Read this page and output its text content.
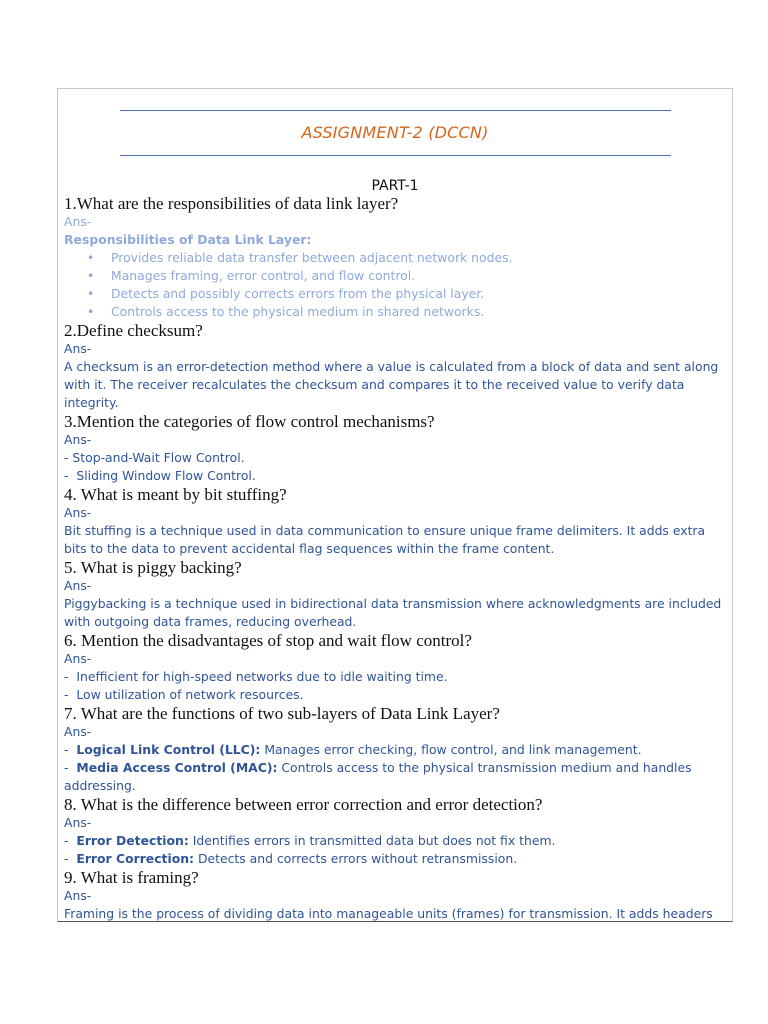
ASSIGNMENT-2 (DCCN)
PART-1

1.What are the responsibilities of data link layer?

Ans-

Responsibilities of Data Link Layer:

• Provides reliable data transfer between adjacent network nodes.
• Manages framing, error control, and flow control.
• Detects and possibly corrects errors from the physical layer.
• Controls access to the physical medium in shared networks.

2.Define checksum?

Ans-

A checksum is an error-detection method where a value is calculated from a block of data and sent along with it. The receiver recalculates the checksum and compares it to the received value to verify data integrity.

3.Mention the categories of flow control mechanisms?

Ans-

- Stop-and-Wait Flow Control.

-  Sliding Window Flow Control.

4. What is meant by bit stuffing?

Ans-

Bit stuffing is a technique used in data communication to ensure unique frame delimiters. It adds extra bits to the data to prevent accidental flag sequences within the frame content.

5. What is piggy backing?

Ans-

Piggybacking is a technique used in bidirectional data transmission where acknowledgments are included with outgoing data frames, reducing overhead.

6. Mention the disadvantages of stop and wait flow control?

Ans-

-  Inefficient for high-speed networks due to idle waiting time.

-  Low utilization of network resources.

7. What are the functions of two sub-layers of Data Link Layer?

Ans-

-  Logical Link Control (LLC): Manages error checking, flow control, and link management.

-  Media Access Control (MAC): Controls access to the physical transmission medium and handles addressing.

8. What is the difference between error correction and error detection?

Ans-

-  Error Detection: Identifies errors in transmitted data but does not fix them.

-  Error Correction: Detects and corrects errors without retransmission.

9. What is framing?

Ans-

Framing is the process of dividing data into manageable units (frames) for transmission. It adds headers
